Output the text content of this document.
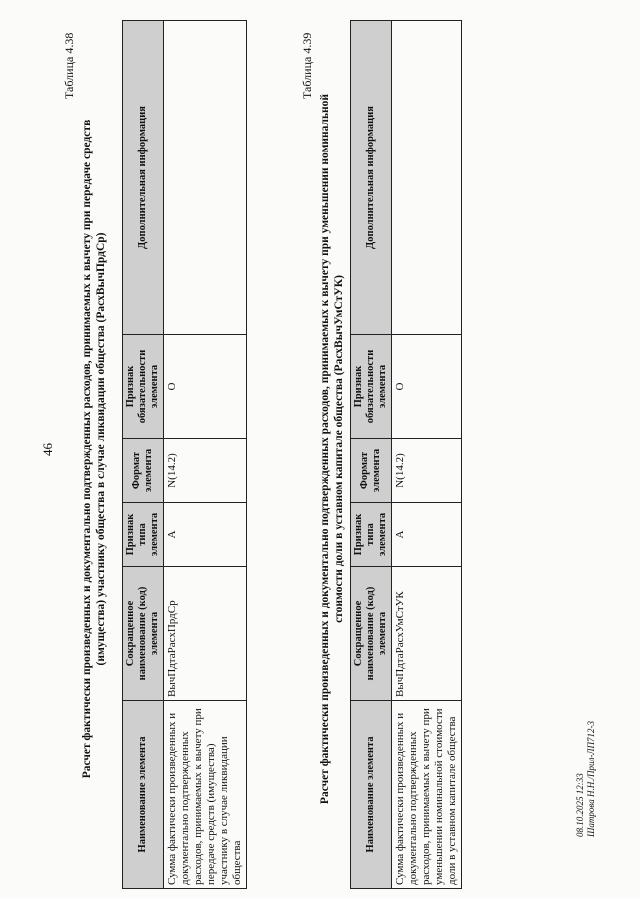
46
Таблица 4.38
Расчет фактически произведенных и документально подтвержденных расходов, принимаемых к вычету при передаче средств (имущества) участнику общества в случае ликвидации общества (РасхВычПрдСр)
Наименование элемента	Сокращенное наименование (код) элемента	Признак типа элемента	Формат элемента	Признак обязательности элемента	Дополнительная информация
Сумма фактически произведенных и документально подтвержденных расходов, принимаемых к вычету при передаче средств (имущества) участнику в случае ликвидации общества	ВычПдтаРасхПрдСр	А	N(14.2)	О	
Таблица 4.39
Расчет фактически произведенных и документально подтвержденных расходов, принимаемых к вычету при уменьшении номинальной стоимости доли в уставном капитале общества (РасхВычУмСтУК)
Наименование элемента	Сокращенное наименование (код) элемента	Признак типа элемента	Формат элемента	Признак обязательности элемента	Дополнительная информация
Сумма фактически произведенных и документально подтвержденных расходов, принимаемых к вычету при уменьшении номинальной стоимости доли в уставном капитале общества	ВычПдтаРасхУмСтУК	А	N(14.2)	О	
08.10.2025 12:33 Шатрова Н.Н./Прил-ЛП712-3
